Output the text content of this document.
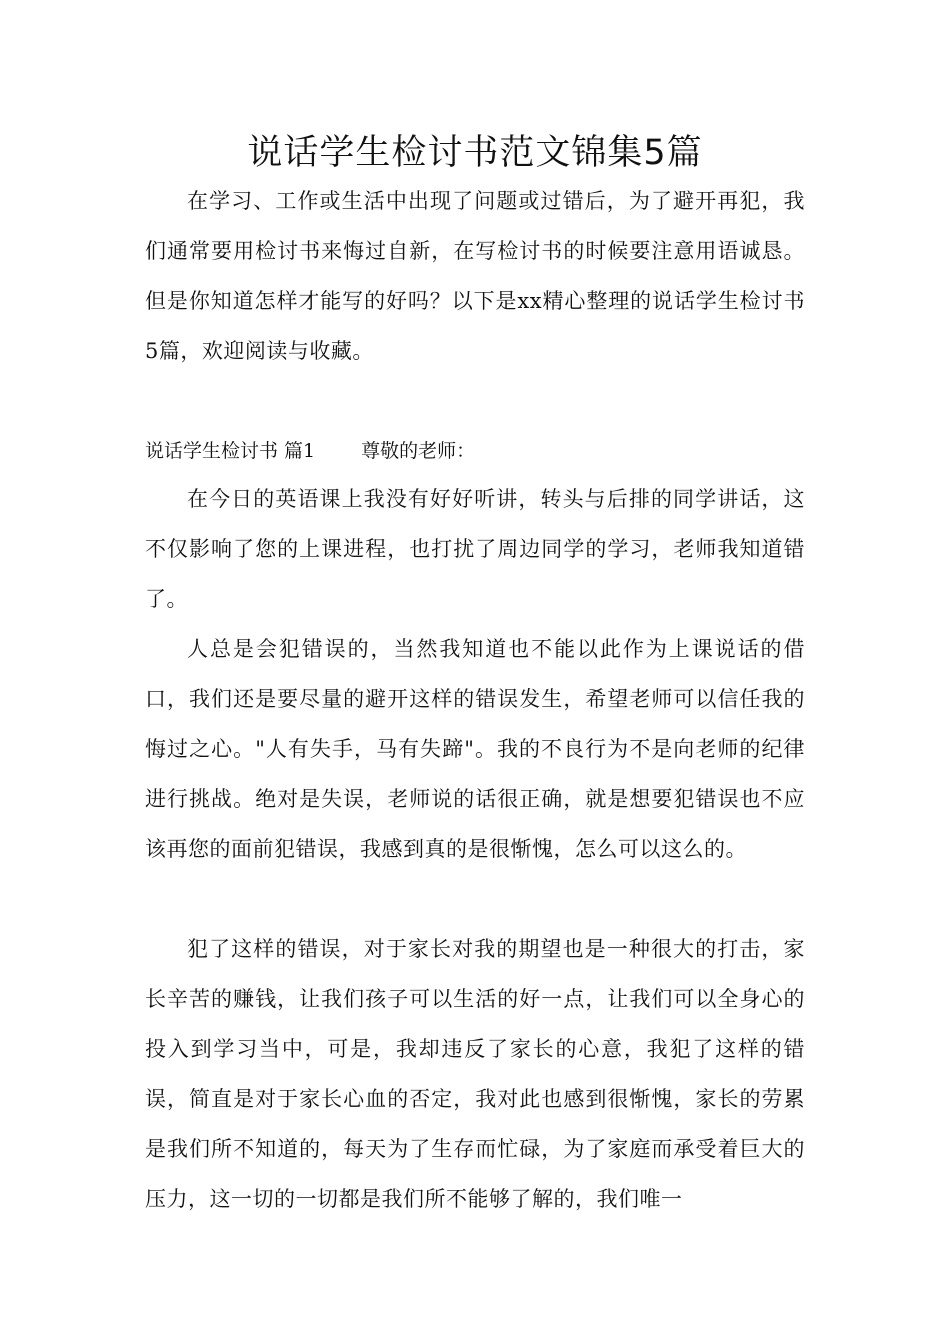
说话学生检讨书范文锦集5篇

在学习、工作或生活中出现了问题或过错后，为了避开再犯，我们通常要用检讨书来悔过自新，在写检讨书的时候要注意用语诚恳。但是你知道怎样才能写的好吗？以下是xx精心整理的说话学生检讨书5篇，欢迎阅读与收藏。

说话学生检讨书 篇1 尊敬的老师：

在今日的英语课上我没有好好听讲，转头与后排的同学讲话，这不仅影响了您的上课进程，也打扰了周边同学的学习，老师我知道错了。

人总是会犯错误的，当然我知道也不能以此作为上课说话的借口，我们还是要尽量的避开这样的错误发生，希望老师可以信任我的悔过之心。"人有失手，马有失蹄"。我的不良行为不是向老师的纪律进行挑战。绝对是失误，老师说的话很正确，就是想要犯错误也不应该再您的面前犯错误，我感到真的是很惭愧，怎么可以这么的。

犯了这样的错误，对于家长对我的期望也是一种很大的打击，家长辛苦的赚钱，让我们孩子可以生活的好一点，让我们可以全身心的投入到学习当中，可是，我却违反了家长的心意，我犯了这样的错误，简直是对于家长心血的否定，我对此也感到很惭愧，家长的劳累是我们所不知道的，每天为了生存而忙碌，为了家庭而承受着巨大的压力，这一切的一切都是我们所不能够了解的，我们唯一
